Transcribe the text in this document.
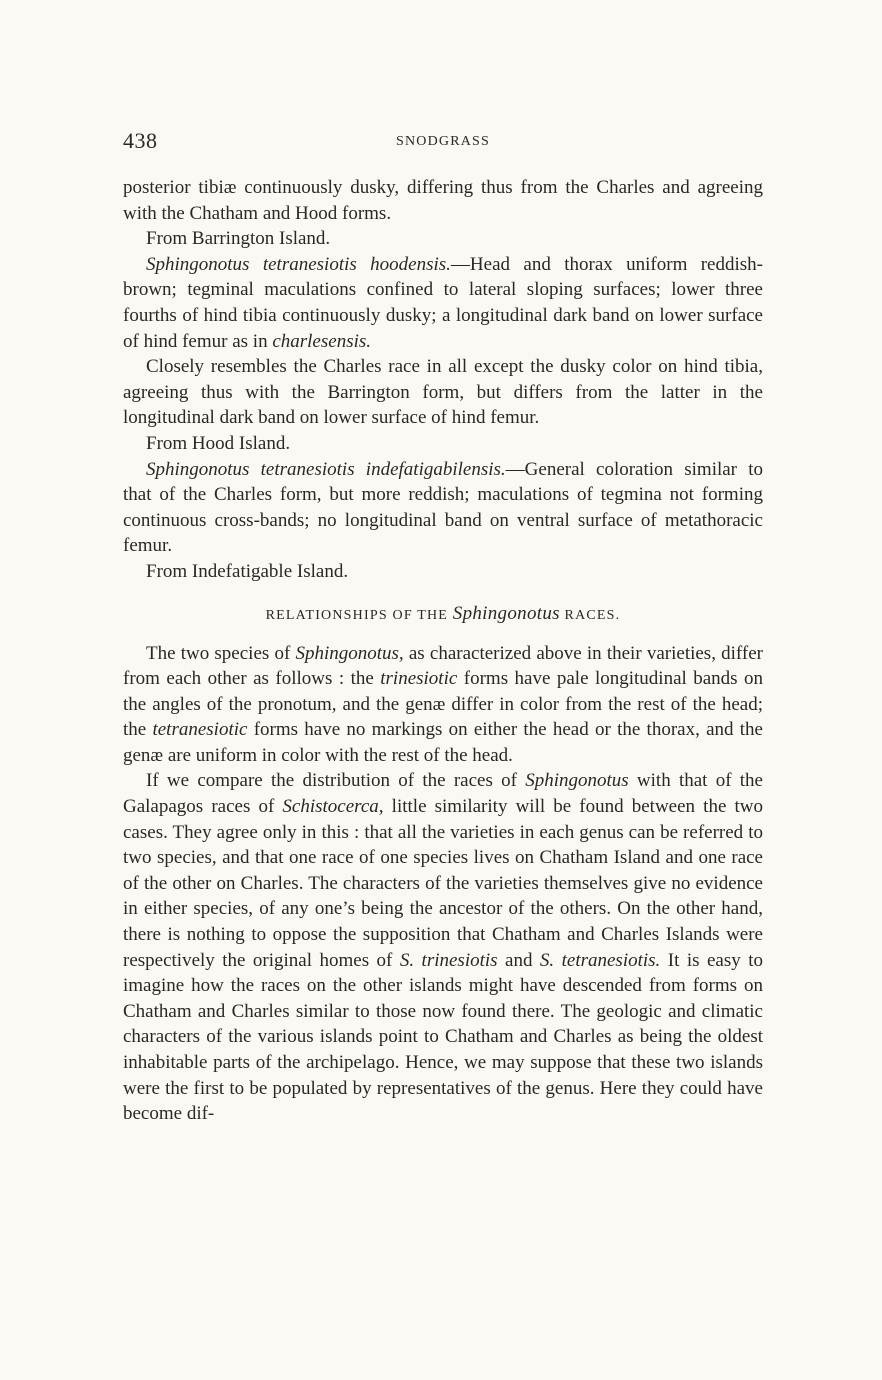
438	SNODGRASS

posterior tibiæ continuously dusky, differing thus from the Charles and agreeing with the Chatham and Hood forms.

From Barrington Island.

Sphingonotus tetranesiotis hoodensis.—Head and thorax uniform reddish-brown; tegminal maculations confined to lateral sloping surfaces; lower three fourths of hind tibia continuously dusky; a longitudinal dark band on lower surface of hind femur as in charlesensis.

Closely resembles the Charles race in all except the dusky color on hind tibia, agreeing thus with the Barrington form, but differs from the latter in the longitudinal dark band on lower surface of hind femur.

From Hood Island.

Sphingonotus tetranesiotis indefatigabilensis.—General coloration similar to that of the Charles form, but more reddish; maculations of tegmina not forming continuous cross-bands; no longitudinal band on ventral surface of metathoracic femur.

From Indefatigable Island.

RELATIONSHIPS OF THE Sphingonotus RACES.

The two species of Sphingonotus, as characterized above in their varieties, differ from each other as follows : the trinesiotic forms have pale longitudinal bands on the angles of the pronotum, and the genæ differ in color from the rest of the head; the tetranesiotic forms have no markings on either the head or the thorax, and the genæ are uniform in color with the rest of the head.

If we compare the distribution of the races of Sphingonotus with that of the Galapagos races of Schistocerca, little similarity will be found between the two cases. They agree only in this : that all the varieties in each genus can be referred to two species, and that one race of one species lives on Chatham Island and one race of the other on Charles. The characters of the varieties themselves give no evidence in either species, of any one’s being the ancestor of the others. On the other hand, there is nothing to oppose the supposition that Chatham and Charles Islands were respectively the original homes of S. trinesiotis and S. tetranesiotis. It is easy to imagine how the races on the other islands might have descended from forms on Chatham and Charles similar to those now found there. The geologic and climatic characters of the various islands point to Chatham and Charles as being the oldest inhabitable parts of the archipelago. Hence, we may suppose that these two islands were the first to be populated by representatives of the genus. Here they could have become dif-
